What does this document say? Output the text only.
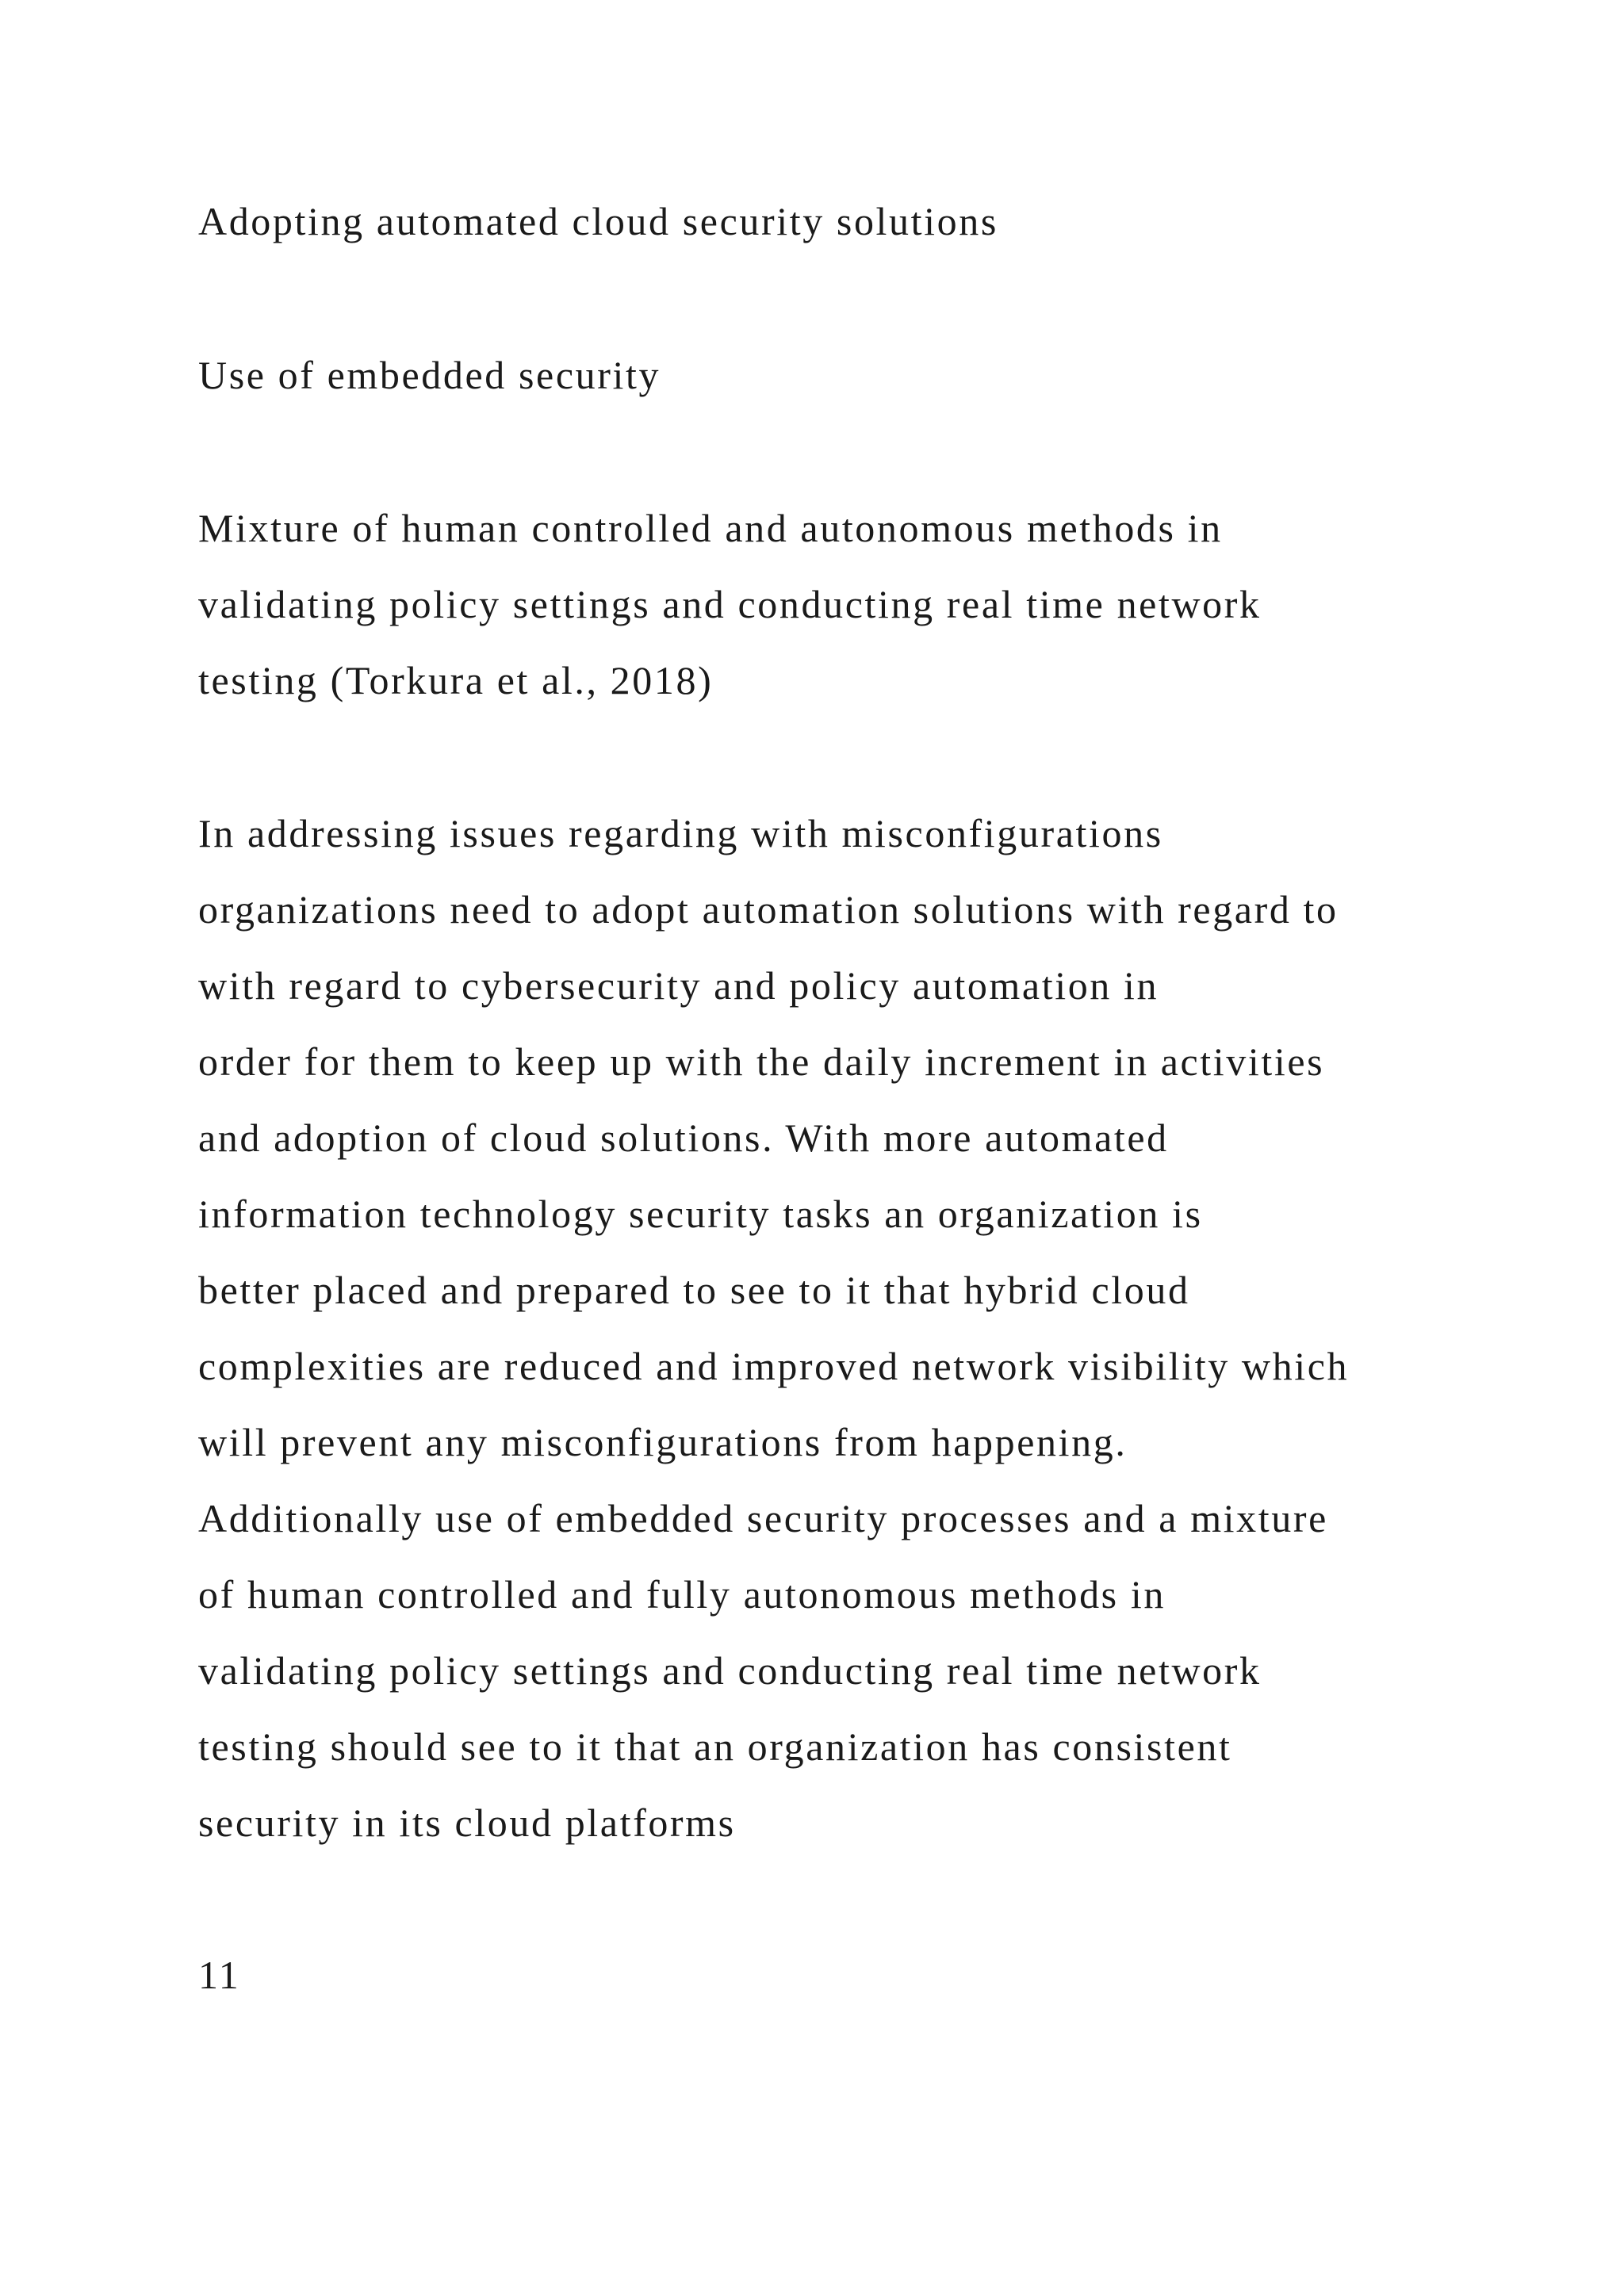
Adopting automated cloud security solutions
Use of embedded security
Mixture of human controlled and autonomous methods in
validating policy settings and conducting real time network
testing (Torkura et al., 2018)
In addressing issues regarding with misconfigurations
organizations need to adopt automation solutions with regard to
with regard to cybersecurity and policy automation in
order for them to keep up with the daily increment in activities
and adoption of cloud solutions. With more automated
information technology security tasks an organization is
better placed and prepared to see to it that hybrid cloud
complexities are reduced and improved network visibility which
will prevent any misconfigurations from happening.
Additionally use of embedded security processes and a mixture
of human controlled and fully autonomous methods in
validating policy settings and conducting real time network
testing should see to it that an organization has consistent
security in its cloud platforms
11
